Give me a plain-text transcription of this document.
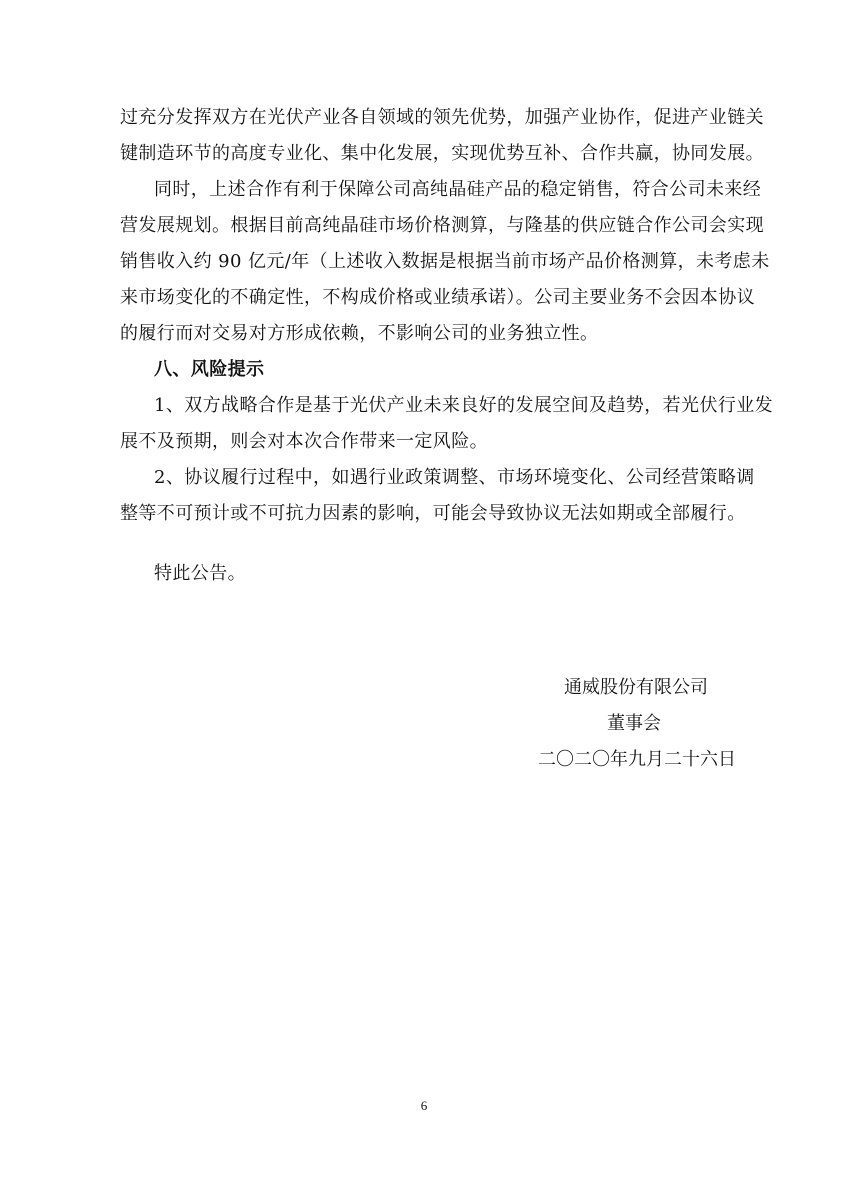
过充分发挥双方在光伏产业各自领域的领先优势，加强产业协作，促进产业链关
键制造环节的高度专业化、集中化发展，实现优势互补、合作共赢，协同发展。
同时，上述合作有利于保障公司高纯晶硅产品的稳定销售，符合公司未来经
营发展规划。根据目前高纯晶硅市场价格测算，与隆基的供应链合作公司会实现
销售收入约 90 亿元/年（上述收入数据是根据当前市场产品价格测算，未考虑未
来市场变化的不确定性，不构成价格或业绩承诺）。公司主要业务不会因本协议
的履行而对交易对方形成依赖，不影响公司的业务独立性。
八、风险提示
1、双方战略合作是基于光伏产业未来良好的发展空间及趋势，若光伏行业发
展不及预期，则会对本次合作带来一定风险。
2、协议履行过程中，如遇行业政策调整、市场环境变化、公司经营策略调
整等不可预计或不可抗力因素的影响，可能会导致协议无法如期或全部履行。
特此公告。
通威股份有限公司
董事会
二〇二〇年九月二十六日
6
